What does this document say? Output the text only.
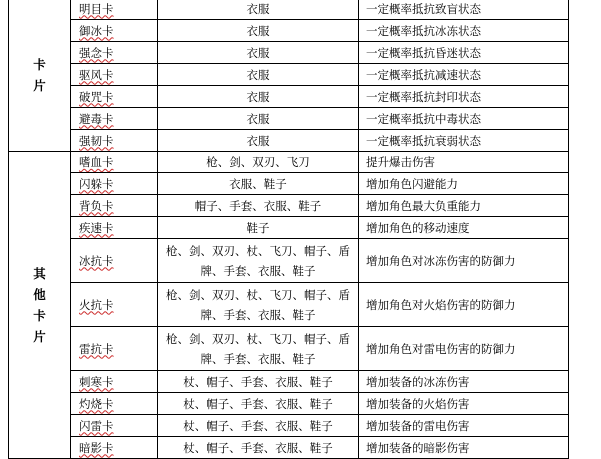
卡
片	明目卡	衣服	一定概率抵抗致盲状态
	御冰卡	衣服	一定概率抵抗冰冻状态
	强念卡	衣服	一定概率抵抗昏迷状态
	驱风卡	衣服	一定概率抵抗减速状态
	破咒卡	衣服	一定概率抵抗封印状态
	避毒卡	衣服	一定概率抵抗中毒状态
	强韧卡	衣服	一定概率抵抗衰弱状态
其
他
卡
片	嗜血卡	枪、剑、双刃、飞刀	提升爆击伤害
	闪躲卡	衣服、鞋子	增加角色闪避能力
	背负卡	帽子、手套、衣服、鞋子	增加角色最大负重能力
	疾速卡	鞋子	增加角色的移动速度
	冰抗卡	枪、剑、双刃、杖、飞刀、帽子、盾牌、手套、衣服、鞋子	增加角色对冰冻伤害的防御力
	火抗卡	枪、剑、双刃、杖、飞刀、帽子、盾牌、手套、衣服、鞋子	增加角色对火焰伤害的防御力
	雷抗卡	枪、剑、双刃、杖、飞刀、帽子、盾牌、手套、衣服、鞋子	增加角色对雷电伤害的防御力
	刺寒卡	杖、帽子、手套、衣服、鞋子	增加装备的冰冻伤害
	灼烧卡	杖、帽子、手套、衣服、鞋子	增加装备的火焰伤害
	闪雷卡	杖、帽子、手套、衣服、鞋子	增加装备的雷电伤害
	暗影卡	杖、帽子、手套、衣服、鞋子	增加装备的暗影伤害
